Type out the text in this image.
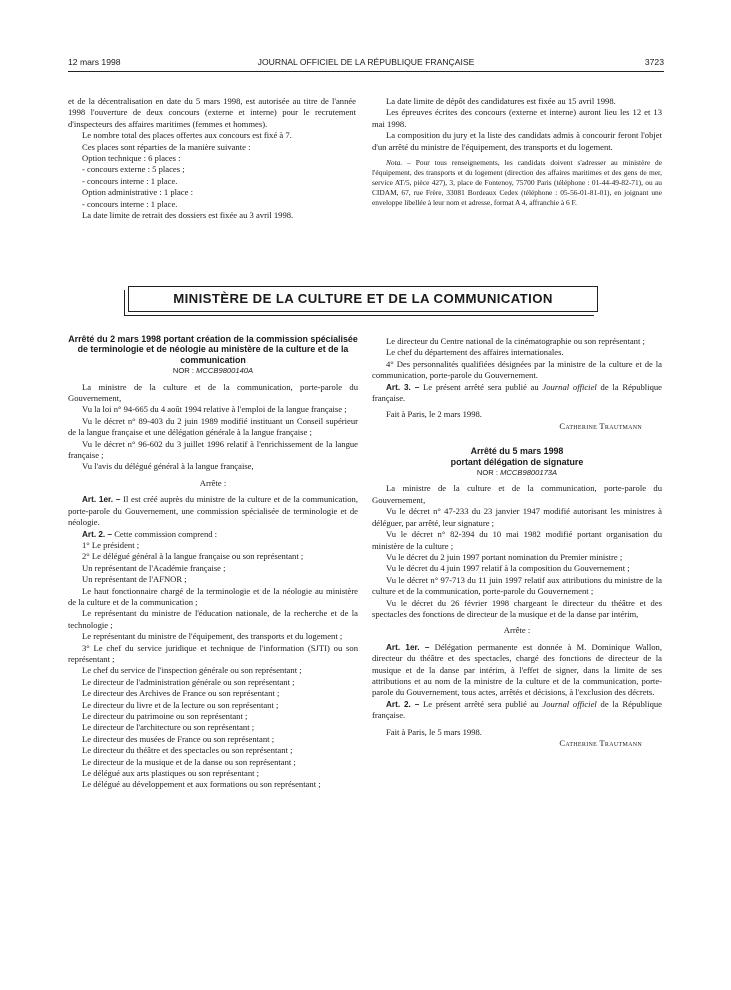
12 mars 1998	JOURNAL OFFICIEL DE LA RÉPUBLIQUE FRANÇAISE	3723

et de la décentralisation en date du 5 mars 1998, est autorisée au titre de l'année 1998 l'ouverture de deux concours (externe et interne) pour le recrutement d'inspecteurs des affaires maritimes (femmes et hommes).

Le nombre total des places offertes aux concours est fixé à 7.

Ces places sont réparties de la manière suivante :

Option technique : 6 places :

- concours externe : 5 places ;

- concours interne : 1 place.

Option administrative : 1 place :

- concours interne : 1 place.

La date limite de retrait des dossiers est fixée au 3 avril 1998.

La date limite de dépôt des candidatures est fixée au 15 avril 1998.

Les épreuves écrites des concours (externe et interne) auront lieu les 12 et 13 mai 1998.

La composition du jury et la liste des candidats admis à concourir feront l'objet d'un arrêté du ministre de l'équipement, des transports et du logement.

Nota. – Pour tous renseignements, les candidats doivent s'adresser au ministère de l'équipement, des transports et du logement (direction des affaires maritimes et des gens de mer, service AT/5, pièce 427), 3, place de Fontenoy, 75700 Paris (téléphone : 01-44-49-82-71), ou au CIDAM, 67, rue Frère, 33081 Bordeaux Cedex (téléphone : 05-56-01-81-01), en joignant une enveloppe libellée à leur nom et adresse, format A 4, affranchie à 6 F.

MINISTÈRE DE LA CULTURE ET DE LA COMMUNICATION

Arrêté du 2 mars 1998 portant création de la commission spécialisée de terminologie et de néologie au ministère de la culture et de la communication

NOR : MCCB9800140A

La ministre de la culture et de la communication, porte-parole du Gouvernement,

Vu la loi n° 94-665 du 4 août 1994 relative à l'emploi de la langue française ;

Vu le décret n° 89-403 du 2 juin 1989 modifié instituant un Conseil supérieur de la langue française et une délégation générale à la langue française ;

Vu le décret n° 96-602 du 3 juillet 1996 relatif à l'enrichissement de la langue française ;

Vu l'avis du délégué général à la langue française,

Arrête :

Art. 1er. – Il est créé auprès du ministre de la culture et de la communication, porte-parole du Gouvernement, une commission spécialisée de terminologie et de néologie.

Art. 2. – Cette commission comprend :

1° Le président ;

2° Le délégué général à la langue française ou son représentant ;

Un représentant de l'Académie française ;

Un représentant de l'AFNOR ;

Le haut fonctionnaire chargé de la terminologie et de la néologie au ministère de la culture et de la communication ;

Le représentant du ministre de l'éducation nationale, de la recherche et de la technologie ;

Le représentant du ministre de l'équipement, des transports et du logement ;

3° Le chef du service juridique et technique de l'information (SJTI) ou son représentant ;

Le chef du service de l'inspection générale ou son représentant ;

Le directeur de l'administration générale ou son représentant ;

Le directeur des Archives de France ou son représentant ;

Le directeur du livre et de la lecture ou son représentant ;

Le directeur du patrimoine ou son représentant ;

Le directeur de l'architecture ou son représentant ;

Le directeur des musées de France ou son représentant ;

Le directeur du théâtre et des spectacles ou son représentant ;

Le directeur de la musique et de la danse ou son représentant ;

Le délégué aux arts plastiques ou son représentant ;

Le délégué au développement et aux formations ou son représentant ;

Le directeur du Centre national de la cinématographie ou son représentant ;

Le chef du département des affaires internationales.

4° Des personnalités qualifiées désignées par la ministre de la culture et de la communication, porte-parole du Gouvernement.

Art. 3. – Le présent arrêté sera publié au Journal officiel de la République française.

Fait à Paris, le 2 mars 1998.

Catherine Trautmann

Arrêté du 5 mars 1998

portant délégation de signature

NOR : MCCB9800173A

La ministre de la culture et de la communication, porte-parole du Gouvernement,

Vu le décret n° 47-233 du 23 janvier 1947 modifié autorisant les ministres à déléguer, par arrêté, leur signature ;

Vu le décret n° 82-394 du 10 mai 1982 modifié portant organisation du ministère de la culture ;

Vu le décret du 2 juin 1997 portant nomination du Premier ministre ;

Vu le décret du 4 juin 1997 relatif à la composition du Gouvernement ;

Vu le décret n° 97-713 du 11 juin 1997 relatif aux attributions du ministre de la culture et de la communication, porte-parole du Gouvernement ;

Vu le décret du 26 février 1998 chargeant le directeur du théâtre et des spectacles des fonctions de directeur de la musique et de la danse par intérim,

Arrête :

Art. 1er. – Délégation permanente est donnée à M. Dominique Wallon, directeur du théâtre et des spectacles, chargé des fonctions de directeur de la musique et de la danse par intérim, à l'effet de signer, dans la limite de ses attributions et au nom de la ministre de la culture et de la communication, porte-parole du Gouvernement, tous actes, arrêtés et décisions, à l'exclusion des décrets.

Art. 2. – Le présent arrêté sera publié au Journal officiel de la République française.

Fait à Paris, le 5 mars 1998.

Catherine Trautmann
